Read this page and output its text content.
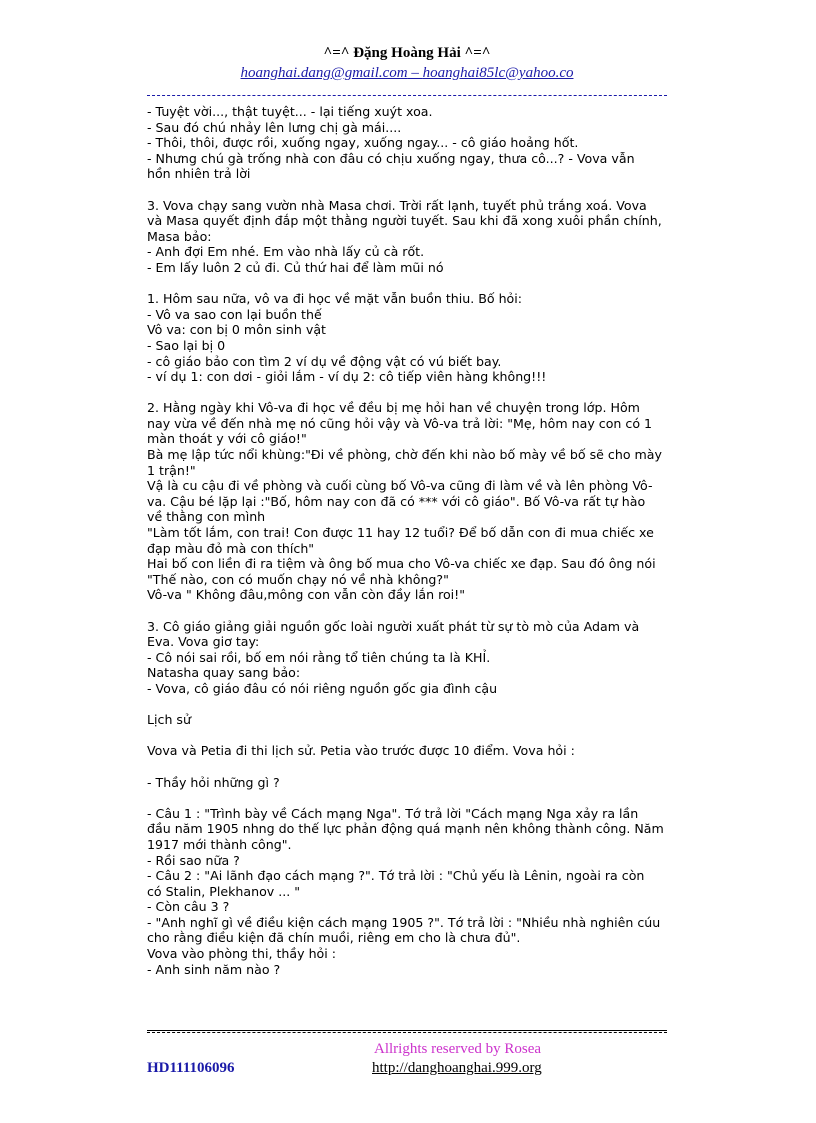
^=^ Đặng Hoàng Hải ^=^
hoanghai.dang@gmail.com – hoanghai85lc@yahoo.co
- Tuyệt vời..., thật tuyệt... - lại tiếng xuýt xoa.
- Sau đó chú nhảy lên lưng chị gà mái....
- Thôi, thôi, được rồi, xuống ngay, xuống ngay... - cô giáo hoảng hốt.
- Nhưng chú gà trống nhà con đâu có chịu xuống ngay, thưa cô...? - Vova vẫn
hồn nhiên trả lời
3. Vova chạy sang vườn nhà Masa chơi. Trời rất lạnh, tuyết phủ trắng xoá. Vova
và Masa quyết định đắp một thằng người tuyết. Sau khi đã xong xuôi phần chính,
Masa bảo:
- Anh đợi Em nhé. Em vào nhà lấy củ cà rốt.
- Em lấy luôn 2 củ đi. Củ thứ hai để làm mũi nó
1. Hôm sau nữa, vô va đi học về mặt vẫn buồn thiu. Bố hỏi:
- Vô va sao con lại buồn thế
Vô va: con bị 0 môn sinh vật
- Sao lại bị 0
- cô giáo bảo con tìm 2 ví dụ về động vật có vú biết bay.
- ví dụ 1: con dơi - giỏi lắm - ví dụ 2: cô tiếp viên hàng không!!!
2. Hằng ngày khi Vô-va đi học về đều bị mẹ hỏi han về chuyện trong lớp. Hôm
nay vừa về đến nhà mẹ nó cũng hỏi vậy và Vô-va trả lời: "Mẹ, hôm nay con có 1
màn thoát y với cô giáo!"
Bà mẹ lập tức nổi khùng:"Đi về phòng, chờ đến khi nào bố mày về bố sẽ cho mày
1 trận!"
Vậ là cu cậu đi về phòng và cuối cùng bố Vô-va cũng đi làm về và lên phòng Vô-
va. Cậu bé lặp lại :"Bố, hôm nay con đã có *** với cô giáo". Bố Vô-va rất tự hào
về thằng con mình
"Làm tốt lắm, con trai! Con được 11 hay 12 tuổi? Để bố dẫn con đi mua chiếc xe
đạp màu đỏ mà con thích"
Hai bố con liền đi ra tiệm và ông bố mua cho Vô-va chiếc xe đạp. Sau đó ông nói
"Thế nào, con có muốn chạy nó về nhà không?"
Vô-va " Không đâu,mông con vẫn còn đầy lắn roi!"
3. Cô giáo giảng giải nguồn gốc loài người xuất phát từ sự tò mò của Adam và
Eva. Vova giơ tay:
- Cô nói sai rồi, bố em nói rằng tổ tiên chúng ta là KHỈ.
Natasha quay sang bảo:
- Vova, cô giáo đâu có nói riêng nguồn gốc gia đình cậu
Lịch sử
Vova và Petia đi thi lịch sử. Petia vào trước được 10 điểm. Vova hỏi :
- Thầy hỏi những gì ?
- Câu 1 : "Trình bày về Cách mạng Nga". Tớ trả lời "Cách mạng Nga xảy ra lần
đầu năm 1905 nhng do thế lực phản động quá mạnh nên không thành công. Năm
1917 mới thành công".
- Rồi sao nữa ?
- Câu 2 : "Ai lãnh đạo cách mạng ?". Tớ trả lời : "Chủ yếu là Lênin, ngoài ra còn
có Stalin, Plekhanov ... "
- Còn câu 3 ?
- "Anh nghĩ gì về điều kiện cách mạng 1905 ?". Tớ trả lời : "Nhiều nhà nghiên cúu
cho rằng điều kiện đã chín muồi, riêng em cho là chưa đủ".
Vova vào phòng thi, thầy hỏi :
- Anh sinh năm nào ?
Allrights reserved by Rosea
HD111106096	http://danghoanghai.999.org
